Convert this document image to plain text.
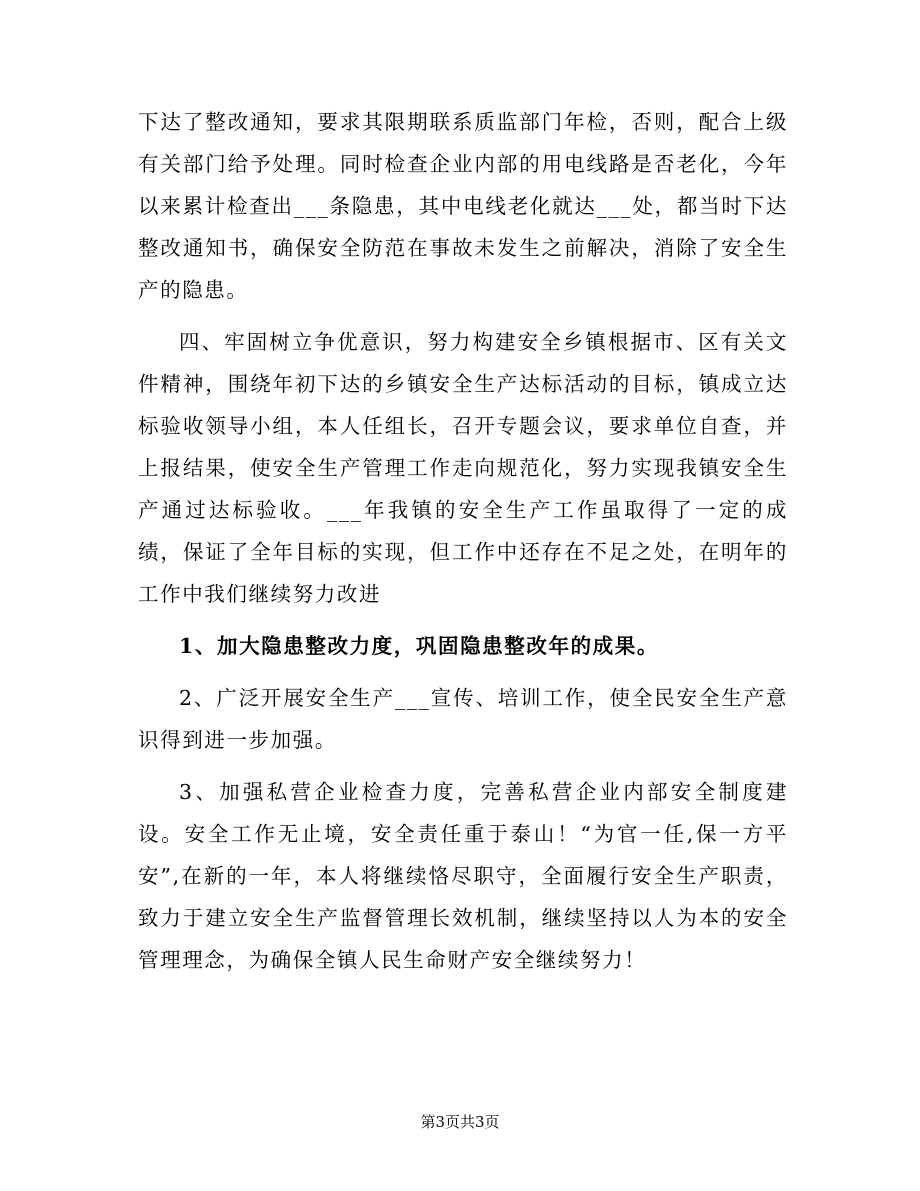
下达了整改通知，要求其限期联系质监部门年检，否则，配合上级有关部门给予处理。同时检查企业内部的用电线路是否老化，今年以来累计检查出___条隐患，其中电线老化就达___处，都当时下达整改通知书，确保安全防范在事故未发生之前解决，消除了安全生产的隐患。

四、牢固树立争优意识，努力构建安全乡镇根据市、区有关文件精神，围绕年初下达的乡镇安全生产达标活动的目标，镇成立达标验收领导小组，本人任组长，召开专题会议，要求单位自查，并上报结果，使安全生产管理工作走向规范化，努力实现我镇安全生产通过达标验收。___年我镇的安全生产工作虽取得了一定的成绩，保证了全年目标的实现，但工作中还存在不足之处，在明年的工作中我们继续努力改进

1、加大隐患整改力度，巩固隐患整改年的成果。

2、广泛开展安全生产___宣传、培训工作，使全民安全生产意识得到进一步加强。

3、加强私营企业检查力度，完善私营企业内部安全制度建设。安全工作无止境，安全责任重于泰山！“为官一任,保一方平安”,在新的一年，本人将继续恪尽职守，全面履行安全生产职责，致力于建立安全生产监督管理长效机制，继续坚持以人为本的安全管理理念，为确保全镇人民生命财产安全继续努力！

第3页共3页
